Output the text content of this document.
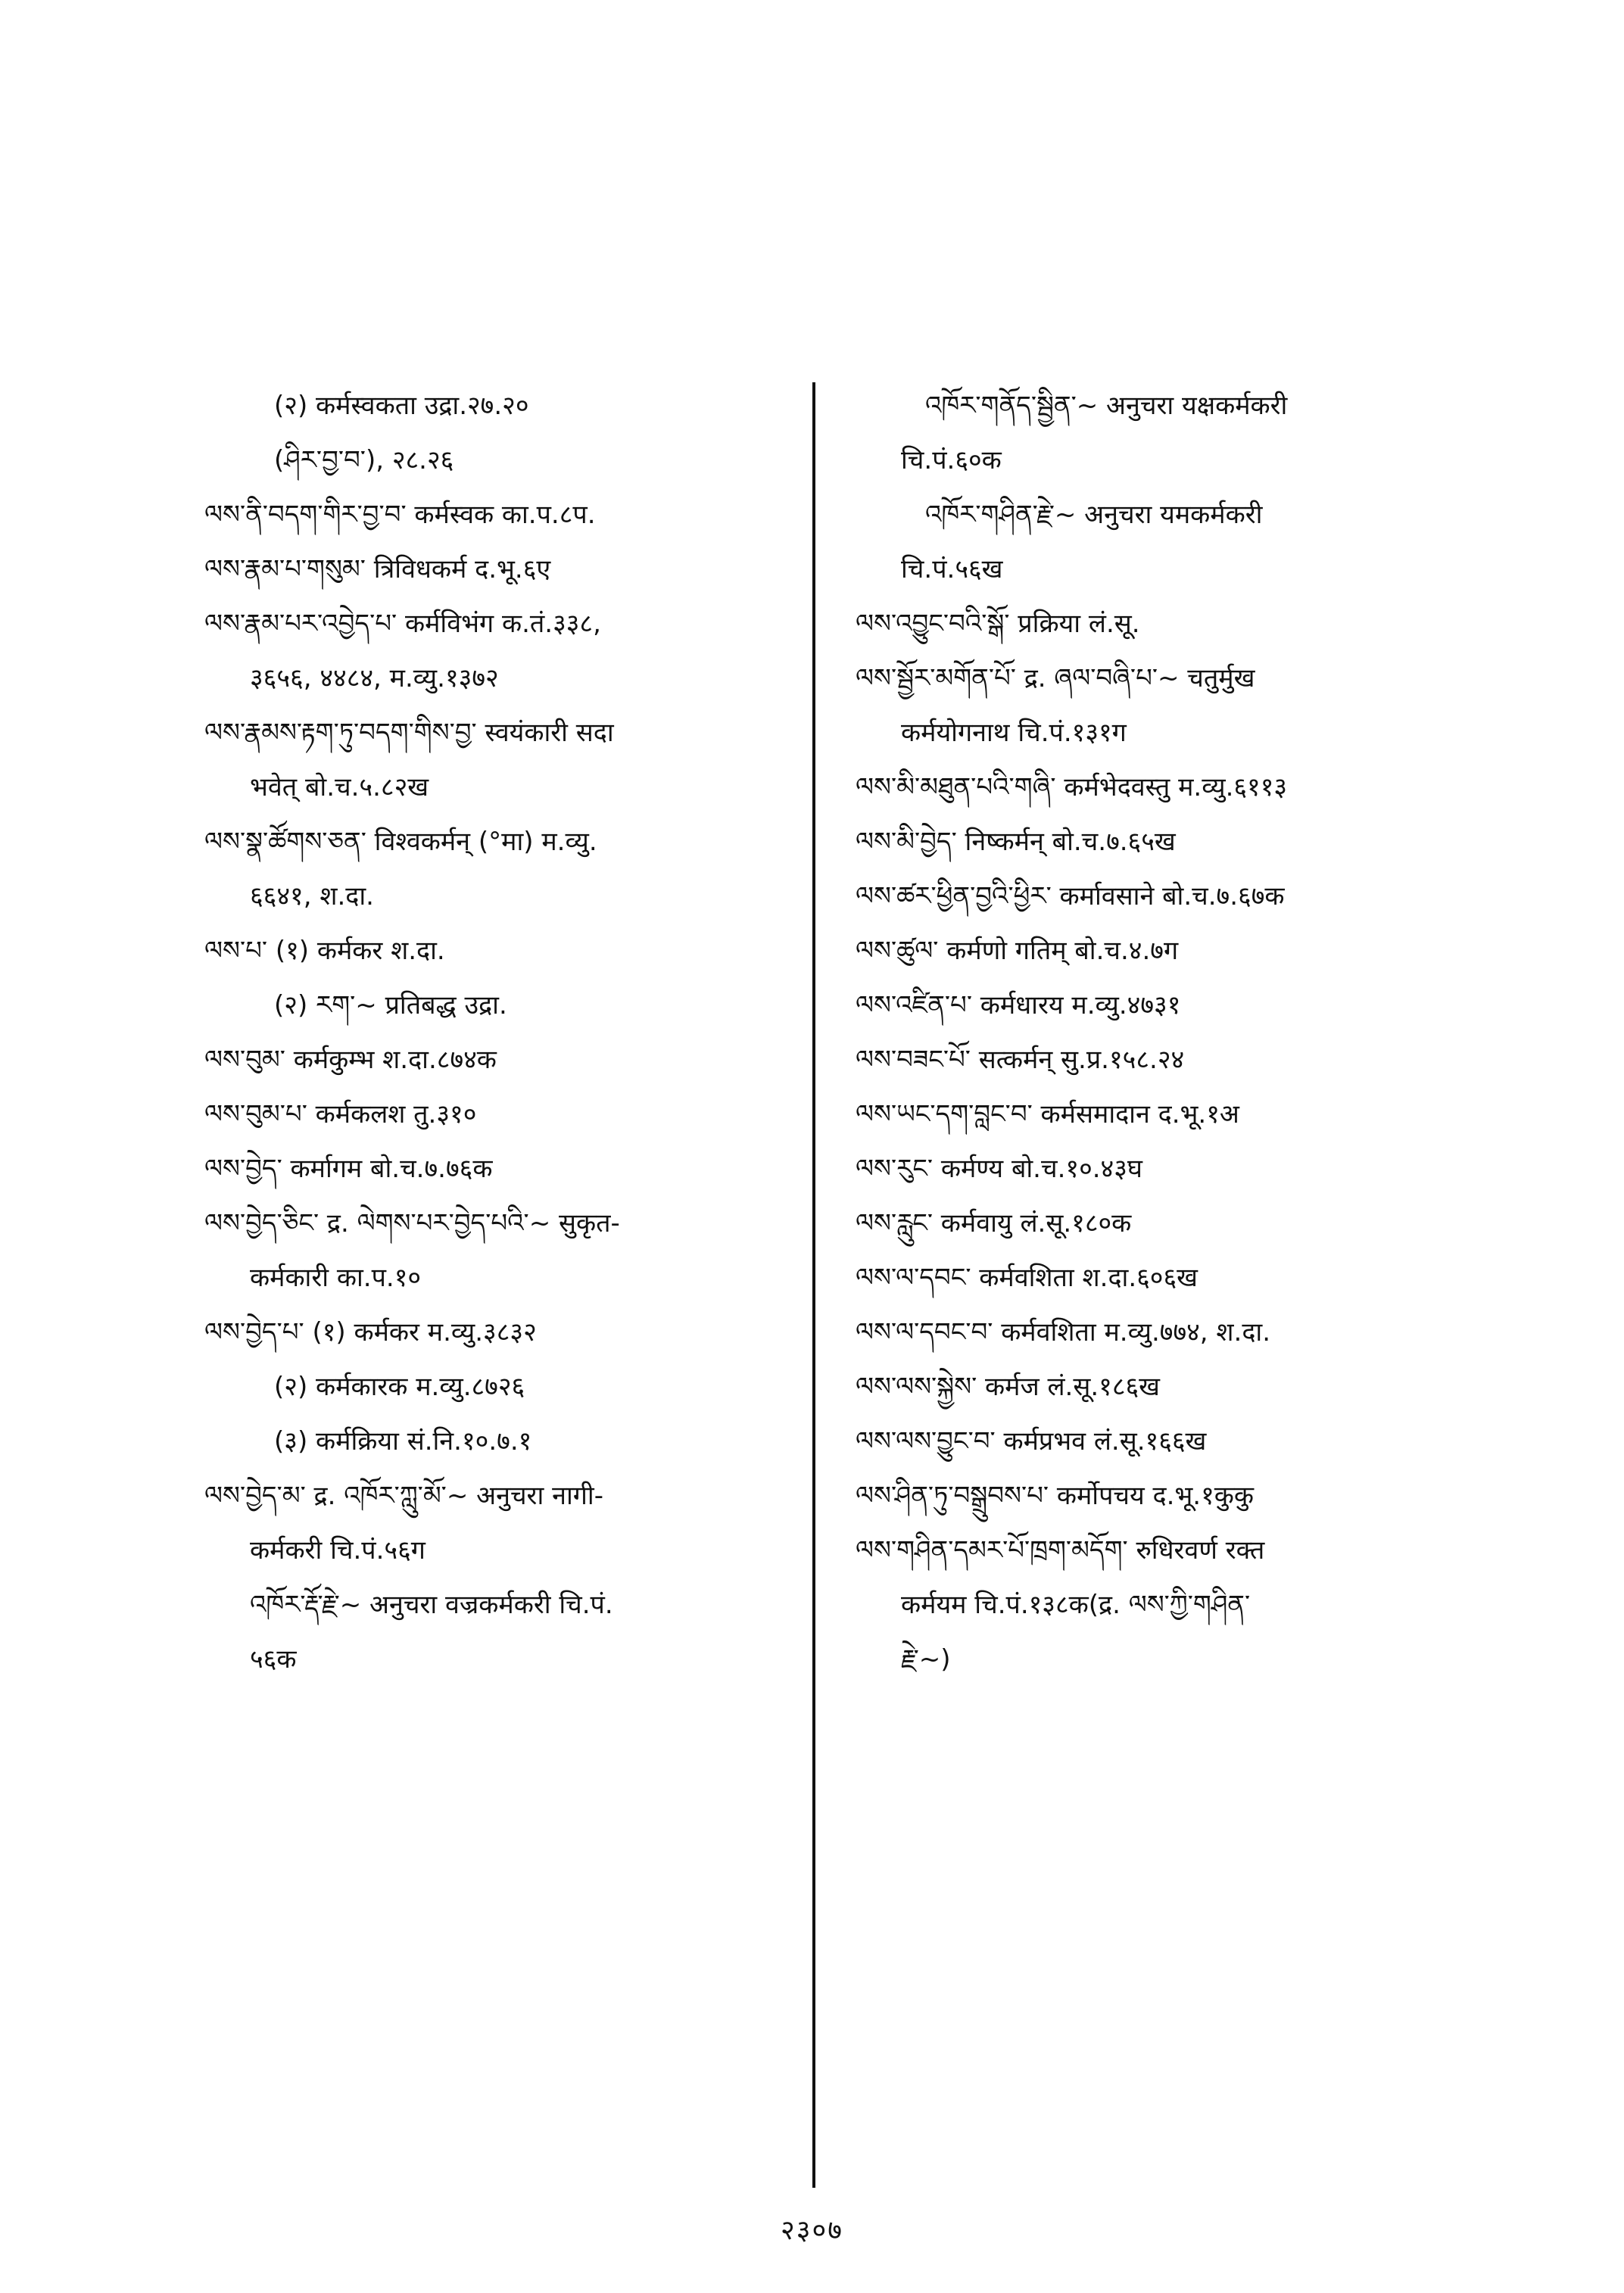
(२) कर्मस्वकता उद्रा.२७.२०
(ཤིར་བྱ་བ་), २८.२६
ལས་ནི་བདག་གིར་བྱ་བ་ कर्मस्वक का.प.८प.
ལས་རྣམ་པ་གསུམ་ त्रिविधकर्म द.भू.६ए
ལས་རྣམ་པར་འབྱེད་པ་ कर्मविभंग क.तं.३३८,
३६५६, ४४८४, म.व्यु.१३७२
ལས་རྣམས་རྟག་ཏུ་བདག་གིས་བྱ་ स्वयंकारी सदा
भवेत् बो.च.५.८२ख
ལས་སྣ་ཚོགས་ཅན་ विश्वकर्मन् (°मा) म.व्यु.
६६४१, श.दा.
ལས་པ་ (१) कर्मकर श.दा.
(२) རག་~ प्रतिबद्ध उद्रा.
ལས་བུམ་ कर्मकुम्भ श.दा.८७४क
ལས་བུམ་པ་ कर्मकलश तु.३१०
ལས་བྱེད་ कर्मागम बो.च.७.७६क
ལས་བྱེད་ཅིང་ द्र. ལེགས་པར་བྱེད་པའི་~ सुकृत-
कर्मकारी का.प.१०
ལས་བྱེད་པ་ (१) कर्मकर म.व्यु.३८३२
(२) कर्मकारक म.व्यु.८७२६
(३) कर्मक्रिया सं.नि.१०.७.१
ལས་བྱེད་མ་ द्र. འཁོར་ཀླུ་མོ་~ अनुचरा नागी-
कर्मकरी चि.पं.५६ग
འཁོར་རྡོ་རྗེ་~ अनुचरा वज्रकर्मकरी चि.पं.
५६क
འཁོར་གནོད་སྦྱིན་~ अनुचरा यक्षकर्मकरी
चि.पं.६०क
འཁོར་གཤིན་རྗེ་~ अनुचरा यमकर्मकरी
चि.पं.५६ख
ལས་འབྱུང་བའི་སྒོ་ प्रक्रिया लं.सू.
ལས་སྦྱོར་མགོན་པོ་ द्र. ཞལ་བཞི་པ་~ चतुर्मुख
कर्मयोगनाथ चि.पं.१३१ग
ལས་མི་མཐུན་པའི་གཞི་ कर्मभेदवस्तु म.व्यु.६११३
ལས་མི་བྱེད་ निष्कर्मन् बो.च.७.६५ख
ལས་ཚར་ཕྱིན་བྱའི་ཕྱིར་ कर्मावसाने बो.च.७.६७क
ལས་ཚུལ་ कर्मणो गतिम् बो.च.४.७ग
ལས་འཛིན་པ་ कर्मधारय म.व्यु.४७३१
ལས་བཟང་པོ་ सत्कर्मन् सु.प्र.१५८.२४
ལས་ཡང་དག་བླང་བ་ कर्मसमादान द.भू.१अ
ལས་རུང་ कर्मण्य बो.च.१०.४३घ
ལས་རླུང་ कर्मवायु लं.सू.१८०क
ལས་ལ་དབང་ कर्मवशिता श.दा.६०६ख
ལས་ལ་དབང་བ་ कर्मवशिता म.व्यु.७७४, श.दा.
ལས་ལས་སྐྱེས་ कर्मज लं.सू.१८६ख
ལས་ལས་བྱུང་བ་ कर्मप्रभव लं.सू.१६६ख
ལས་ཤིན་ཏུ་བསྒྲུབས་པ་ कर्मोपचय द.भू.१कुकु
ལས་གཤིན་དམར་པོ་ཁྲག་མདོག་ रुधिरवर्ण रक्त
कर्मयम चि.पं.१३८क(द्र. ལས་ཀྱི་གཤིན་
རྗེ་~)
२३०७
